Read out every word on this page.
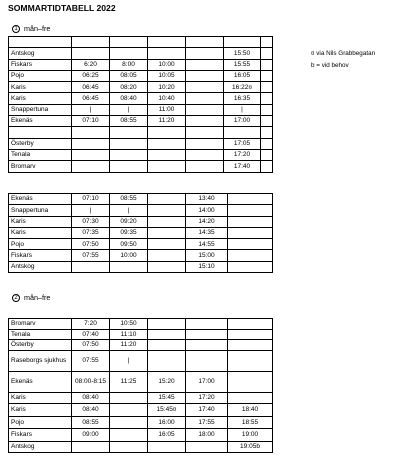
SOMMARTIDTABELL 2022
1 mån–fre
¤ via Nils Grabbegatan
b = vid behov

Antskog					15:50	
Fiskars	6:20	8:00	10:00		15:55	
Pojo	06:25	08:05	10:05		16:05	
Karis	06:45	08:20	10:20		16:22¤	
Karis	06:45	08:40	10:40		16:35	
Snappertuna	|	|	11:00		|	
Ekenäs	07:10	08:55	11:20		17:00	

Österby					17:05	
Tenala					17:20	
Bromarv					17:40	
Ekenäs	07:10	08:55		13:40	
Snappertuna	|	|		14:00	
Karis	07:30	09:20		14:20	
Karis	07:35	09:35		14:35	
Pojo	07:50	09:50		14:55	
Fiskars	07:55	10:00		15:00	
Antskog				15:10	
2 mån–fre
Bromarv	7:20	10:50			
Tenala	07:40	11:10			
Österby	07:50	11:20			
Raseborgs sjukhus	07:55	|			
Ekenäs	08:00-8:15	11:25	15:20	17:00	
Karis	08:40		15:45	17:20	
Karis	08:40		15:45¤	17:40	18:40
Pojo	08:55		16:00	17:55	18:55
Fiskars	09:00		16:05	18:00	19:00
Antskog					19:05b
